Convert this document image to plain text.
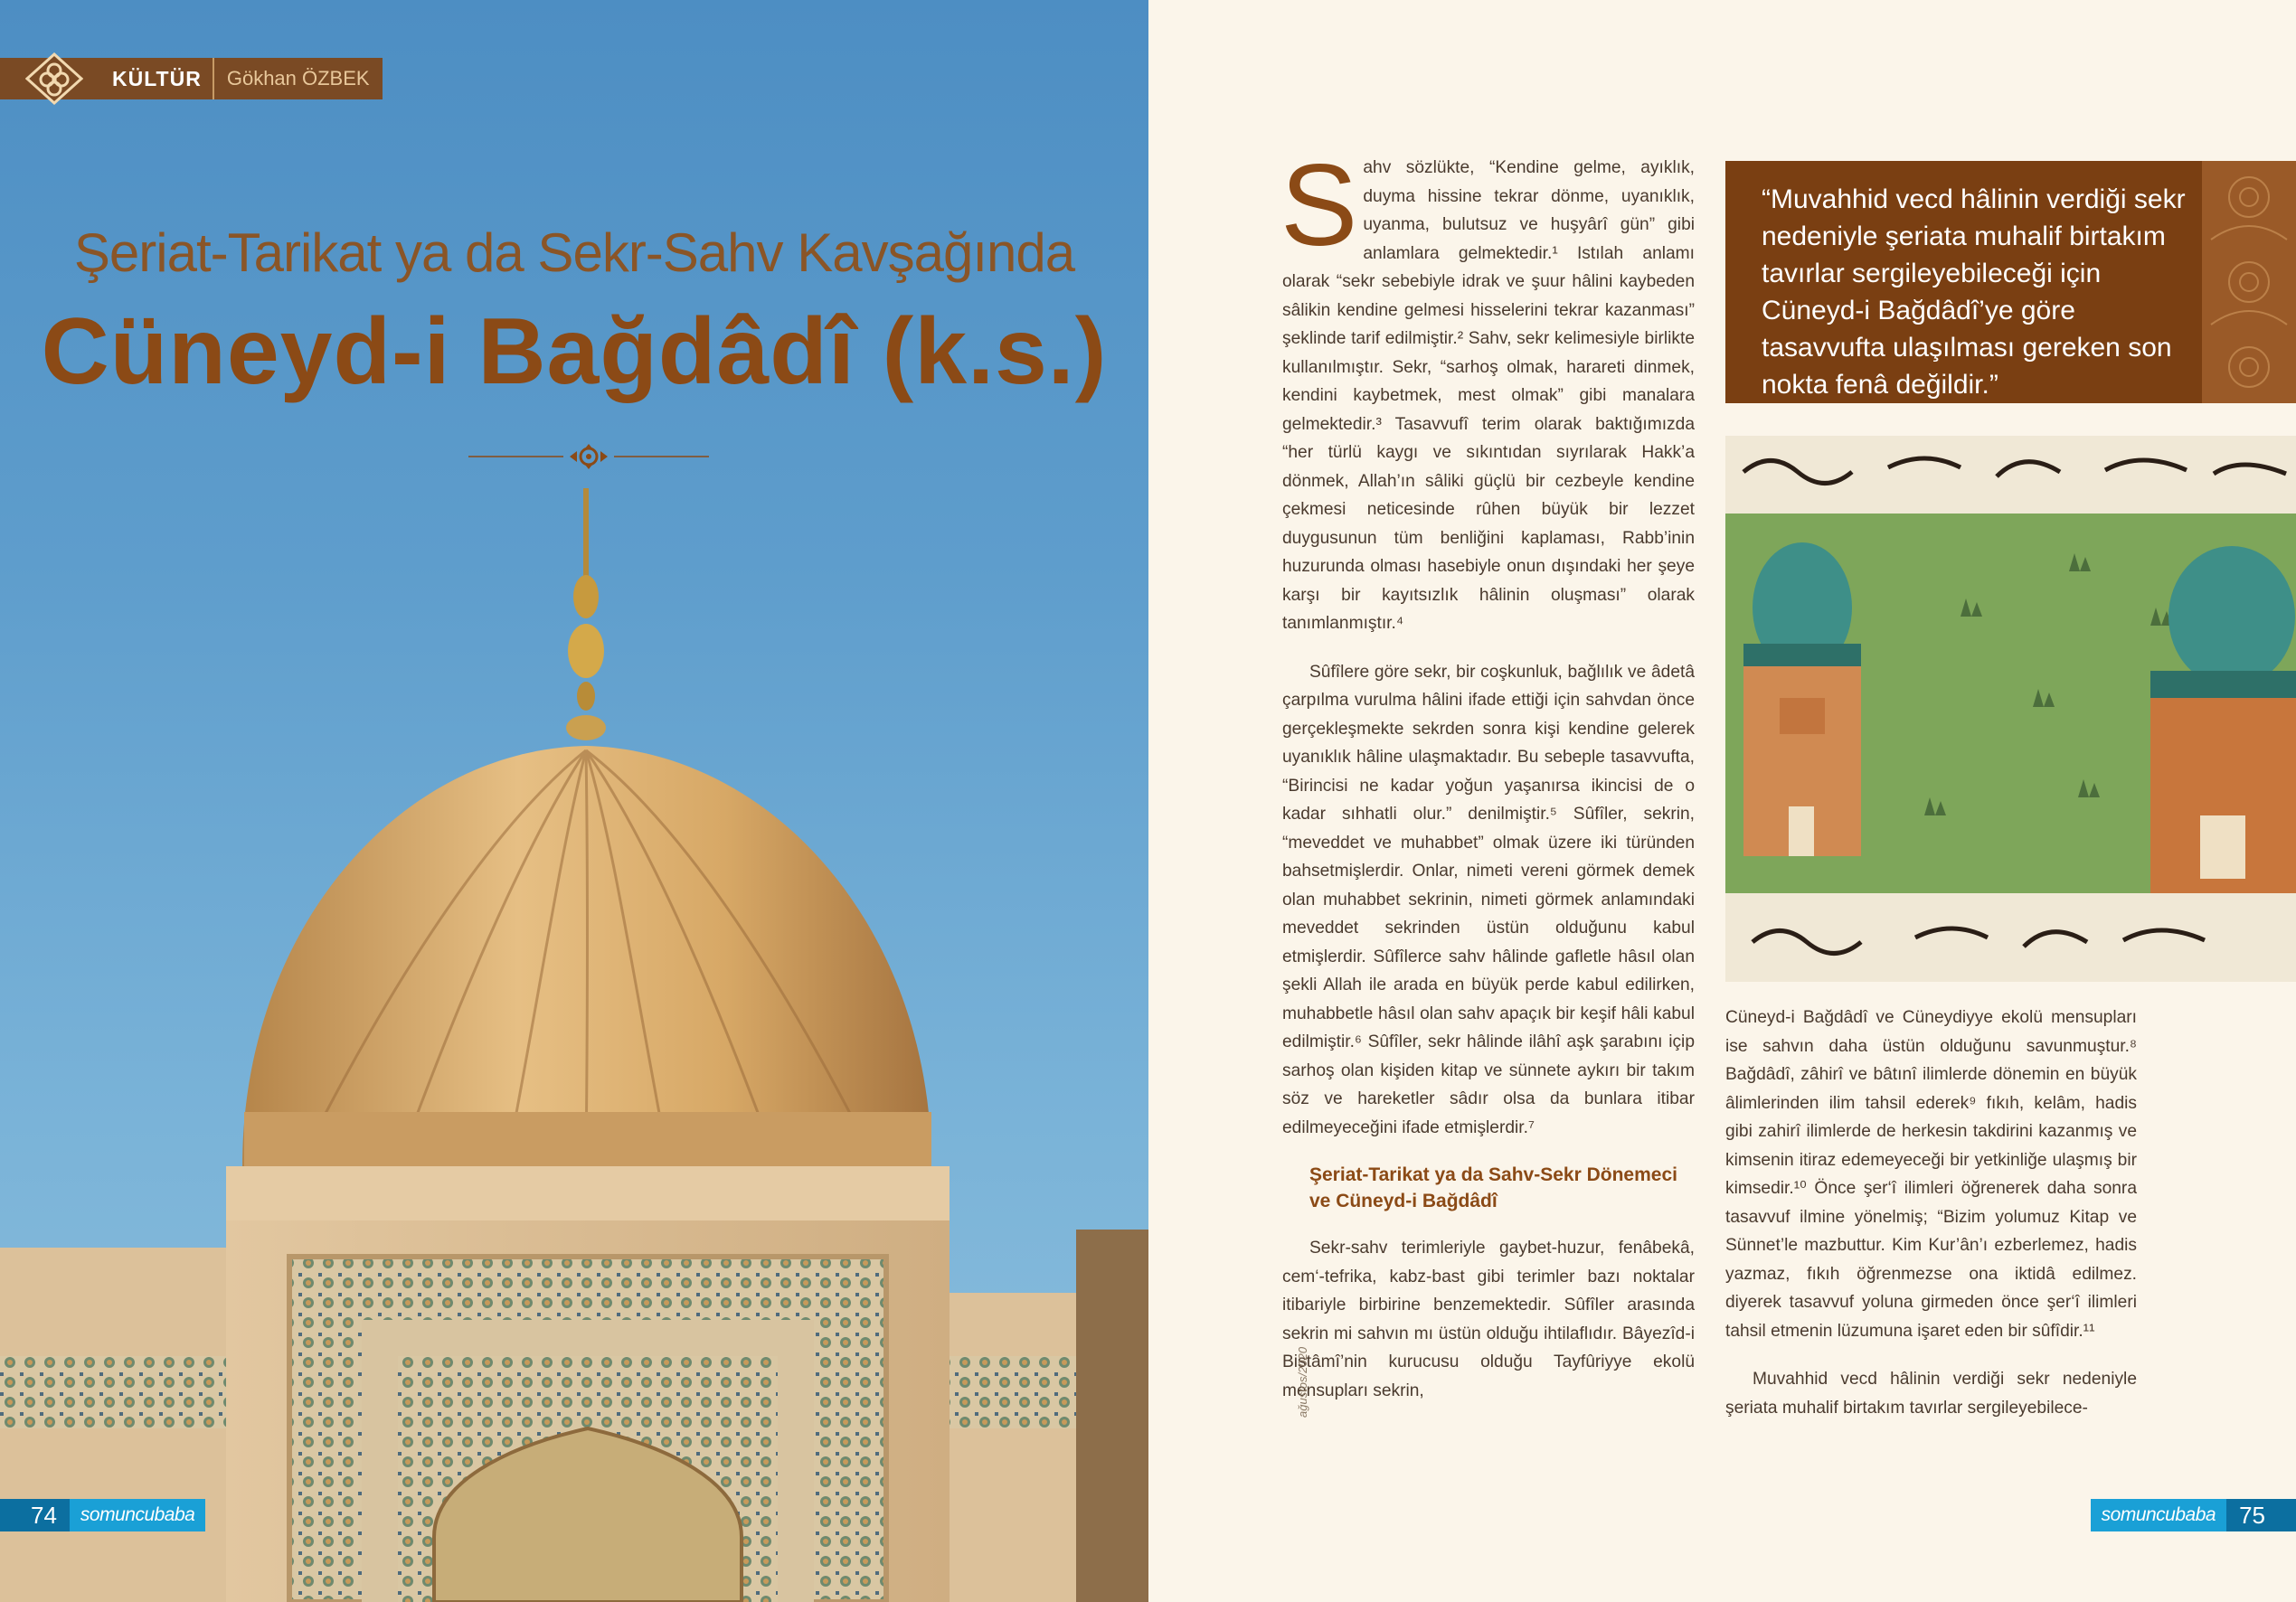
KÜLTÜR	Gökhan ÖZBEK
Şeriat-Tarikat ya da Sekr-Sahv Kavşağında
Cüneyd-i Bağdâdî (k.s.)
74	somuncubaba

Sahv sözlükte, “Kendine gelme, ayıklık, duyma hissine tekrar dönme, uyanıklık, uyanma, bulutsuz ve huşyârî gün” gibi anlamlara gelmektedir.¹ Istılah anlamı olarak “sekr sebebiyle idrak ve şuur hâlini kaybeden sâlikin kendine gelmesi hisselerini tekrar kazanması” şeklinde tarif edilmiştir.² Sahv, sekr kelimesiyle birlikte kullanılmıştır. Sekr, “sarhoş olmak, harareti dinmek, kendini kaybetmek, mest olmak” gibi manalara gelmektedir.³ Tasavvufî terim olarak baktığımızda “her türlü kaygı ve sıkıntıdan sıyrılarak Hakk’a dönmek, Allah’ın sâliki güçlü bir cezbeyle kendine çekmesi neticesinde rûhen büyük bir lezzet duygusunun tüm benliğini kaplaması, Rabb’inin huzurunda olması hasebiyle onun dışındaki her şeye karşı bir kayıtsızlık hâlinin oluşması” olarak tanımlanmıştır.⁴

Sûfîlere göre sekr, bir coşkunluk, bağlılık ve âdetâ çarpılma vurulma hâlini ifade ettiği için sahvdan önce gerçekleşmekte sekrden sonra kişi kendine gelerek uyanıklık hâline ulaşmaktadır. Bu sebeple tasavvufta, “Birincisi ne kadar yoğun yaşanırsa ikincisi de o kadar sıhhatli olur.” denilmiştir.⁵ Sûfîler, sekrin, “meveddet ve muhabbet” olmak üzere iki türünden bahsetmişlerdir. Onlar, nimeti vereni görmek demek olan muhabbet sekrinin, nimeti görmek anlamındaki meveddet sekrinden üstün olduğunu kabul etmişlerdir. Sûfîlerce sahv hâlinde gafletle hâsıl olan şekli Allah ile arada en büyük perde kabul edilirken, muhabbetle hâsıl olan sahv apaçık bir keşif hâli kabul edilmiştir.⁶ Sûfîler, sekr hâlinde ilâhî aşk şarabını içip sarhoş olan kişiden kitap ve sünnete aykırı bir takım söz ve hareketler sâdır olsa da bunlara itibar edilmeyeceğini ifade etmişlerdir.⁷

Şeriat-Tarikat ya da Sahv-Sekr Dönemeci ve Cüneyd-i Bağdâdî

Sekr-sahv terimleriyle gaybet-huzur, fenâbekâ, cem‘-tefrika, kabz-bast gibi terimler bazı noktalar itibariyle birbirine benzemektedir. Sûfîler arasında sekrin mi sahvın mı üstün olduğu ihtilaflıdır. Bâyezîd-i Bistâmî’nin kurucusu olduğu Tayfûriyye ekolü mensupları sekrin,

“Muvahhid vecd hâlinin verdiği sekr nedeniyle şeriata muhalif birtakım tavırlar sergileyebileceği için Cüneyd-i Bağdâdî’ye göre tasavvufta ulaşılması gereken son nokta fenâ değildir.”

Cüneyd-i Bağdâdî ve Cüneydiyye ekolü mensupları ise sahvın daha üstün olduğunu savunmuştur.⁸ Bağdâdî, zâhirî ve bâtınî ilimlerde dönemin en büyük âlimlerinden ilim tahsil ederek⁹ fıkıh, kelâm, hadis gibi zahirî ilimlerde de herkesin takdirini kazanmış ve kimsenin itiraz edemeyeceği bir yetkinliğe ulaşmış bir kimsedir.¹⁰ Önce şer‘î ilimleri öğrenerek daha sonra tasavvuf ilmine yönelmiş; “Bizim yolumuz Kitap ve Sünnet’le mazbuttur. Kim Kur’ân’ı ezberlemez, hadis yazmaz, fıkıh öğrenmezse ona iktidâ edilmez. diyerek tasavvuf yoluna girmeden önce şer‘î ilimleri tahsil etmenin lüzumuna işaret eden bir sûfîdir.¹¹

Muvahhid vecd hâlinin verdiği sekr nedeniyle şeriata muhalif birtakım tavırlar sergileyebilece-

ağustos/2020
somuncubaba	75
